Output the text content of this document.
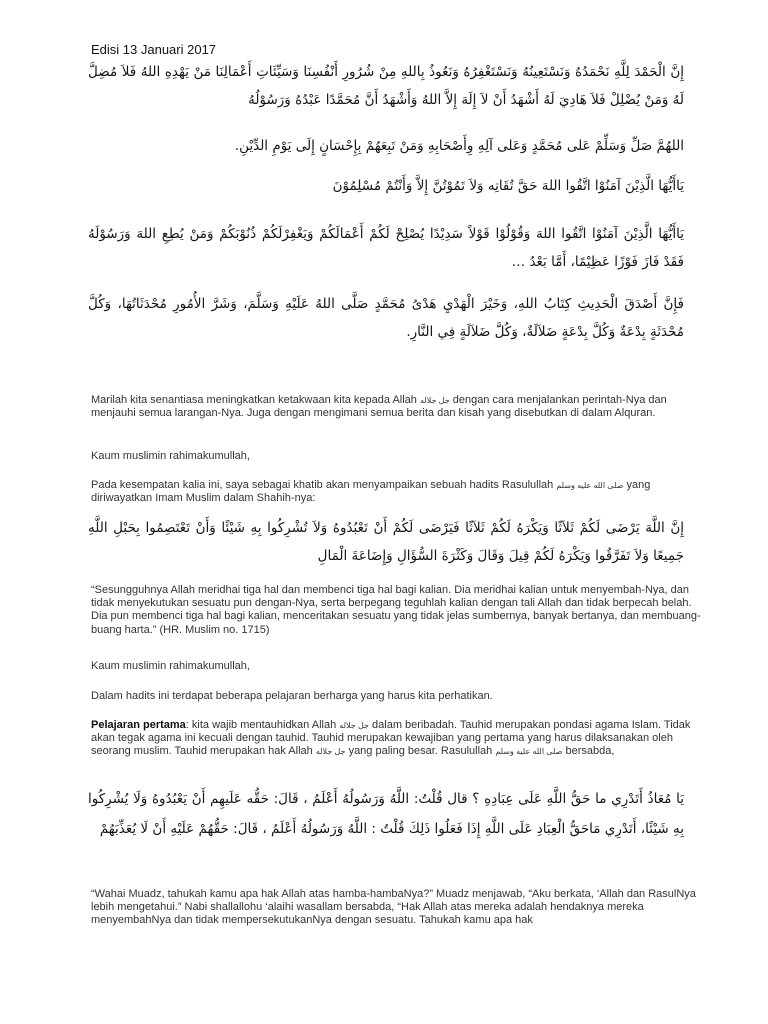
Edisi 13 Januari 2017
إِنَّ الْحَمْدَ لِلَّهِ نَحْمَدُهُ وَنَسْتَعِينُهُ وَنَسْتَغْفِرُهُ وَنَعُوذُ بِاللهِ مِنْ شُرُورِ أَنْفُسِنَا وَسَيِّئَاتِ أَعْمَالِنَا مَنْ يَهْدِهِ اللهُ فَلاَ مُضِلَّ لَهُ وَمَنْ يُضْلِلْ فَلاَ هَادِيَ لَهُ أَشْهَدُ أَنْ لاَ إِلَهَ إِلاَّ اللهُ وَأَشْهَدُ أَنَّ مُحَمَّدًا عَبْدُهُ وَرَسُوْلُهُ
اللهُمَّ صَلِّ وَسَلِّمْ عَلى مُحَمَّدٍ وَعَلى آلِهِ وِأَصْحَابِهِ وَمَنْ تَبِعَهُمْ بِإِحْسَانٍ إِلَى يَوْمِ الدِّيْنِ.
يَاأَيُّهَا الَّذِيْنَ آمَنُوْا اتَّقُوا اللهَ حَقَّ تُقَاتِه وَلاَ تَمُوْتُنَّ إِلاَّ وَأَنْتُمْ مُسْلِمُوْنَ
يَاأَيُّهَا الَّذِيْنَ آمَنُوْا اتَّقُوا اللهَ وَقُوْلُوْا قَوْلاً سَدِيْدًا يُصْلِحْ لَكُمْ أَعْمَالَكُمْ وَيَغْفِرْلَكُمْ ذُنُوْبَكُمْ وَمَنْ يُطِعِ اللهَ وَرَسُوْلَهُ فَقَدْ فَازَ فَوْزًا عَظِيْمًا، أَمَّا بَعْدُ …
فَإِنَّ أَصْدَقَ الْحَدِيثِ كِتَابُ اللهِ، وَخَيْرَ الْهَدْيِ هَدْىُ مُحَمَّدٍ صَلَّى اللهُ عَلَيْهِ وَسَلَّمَ، وَشَرَّ الأُمُورِ مُحْدَثَاتُهَا، وَكُلَّ مُحْدَثَةٍ بِدْعَةٌ وَكُلَّ بِدْعَةٍ ضَلاَلَةٌ، وَكُلَّ ضَلاَلَةٍ فِي النَّارِ.
Marilah kita senantiasa meningkatkan ketakwaan kita kepada Allah جل جلاله dengan cara menjalankan perintah-Nya dan menjauhi semua larangan-Nya. Juga dengan mengimani semua berita dan kisah yang disebutkan di dalam Alquran.
Kaum muslimin rahimakumullah,
Pada kesempatan kalia ini, saya sebagai khatib akan menyampaikan sebuah hadits Rasulullah صلى الله عليه وسلم yang diriwayatkan Imam Muslim dalam Shahih-nya:
إِنَّ اللَّهَ يَرْضَى لَكُمْ ثَلاَثًا وَيَكْرَهُ لَكُمْ ثَلاَثًا فَيَرْضَى لَكُمْ أَنْ تَعْبُدُوهُ وَلاَ تُشْرِكُوا بِهِ شَيْئًا وَأَنْ تَعْتَصِمُوا بِحَبْلِ اللَّهِ جَمِيعًا وَلاَ تَفَرَّقُوا وَيَكْرَهُ لَكُمْ قِيلَ وَقَالَ وَكَثْرَةَ السُّؤَالِ وَإِضَاعَةَ الْمَالِ
“Sesungguhnya Allah meridhai tiga hal dan membenci tiga hal bagi kalian. Dia meridhai kalian untuk menyembah-Nya, dan tidak menyekutukan sesuatu pun dengan-Nya, serta berpegang teguhlah kalian dengan tali Allah dan tidak berpecah belah. Dia pun membenci tiga hal bagi kalian, menceritakan sesuatu yang tidak jelas sumbernya, banyak bertanya, dan membuang-buang harta.” (HR. Muslim no. 1715)
Kaum muslimin rahimakumullah,
Dalam hadits ini terdapat beberapa pelajaran berharga yang harus kita perhatikan.
Pelajaran pertama: kita wajib mentauhidkan Allah جل جلاله dalam beribadah. Tauhid merupakan pondasi agama Islam. Tidak akan tegak agama ini kecuali dengan tauhid. Tauhid merupakan kewajiban yang pertama yang harus dilaksanakan oleh seorang muslim. Tauhid merupakan hak Allah جل جلاله yang paling besar. Rasulullah صلى الله عليه وسلم bersabda,
يَا مُعَاذُ أَتَدْرِي ما حَقُّ اللَّهِ عَلَى عِبَادِهِ ؟ قال قُلْتُ: اللَّهُ وَرَسُولُهُ أَعْلَمُ ، قَالَ: حَقُّه عَلَيهِم أَنْ يَعْبُدُوهُ وَلَا يُشْرِكُوا بِهِ شَيْئًا، أَتَدْرِي مَاحَقُّ الْعِبَادِ عَلَى اللَّهِ إِذَا فَعَلُوا ذَلِكَ قُلْتُ : اللَّهُ وَرَسُولُهُ أَعْلَمُ ، قَالَ: حَقُّهُمْ عَلَيْهِ أَنْ لَا يُعَذِّبَهُمْ
“Wahai Muadz, tahukah kamu apa hak Allah atas hamba-hambaNya?” Muadz menjawab, “Aku berkata, ‘Allah dan RasulNya lebih mengetahui.” Nabi shallallohu ‘alaihi wasallam bersabda, “Hak Allah atas mereka adalah hendaknya mereka menyembahNya dan tidak mempersekutukanNya dengan sesuatu. Tahukah kamu apa hak
